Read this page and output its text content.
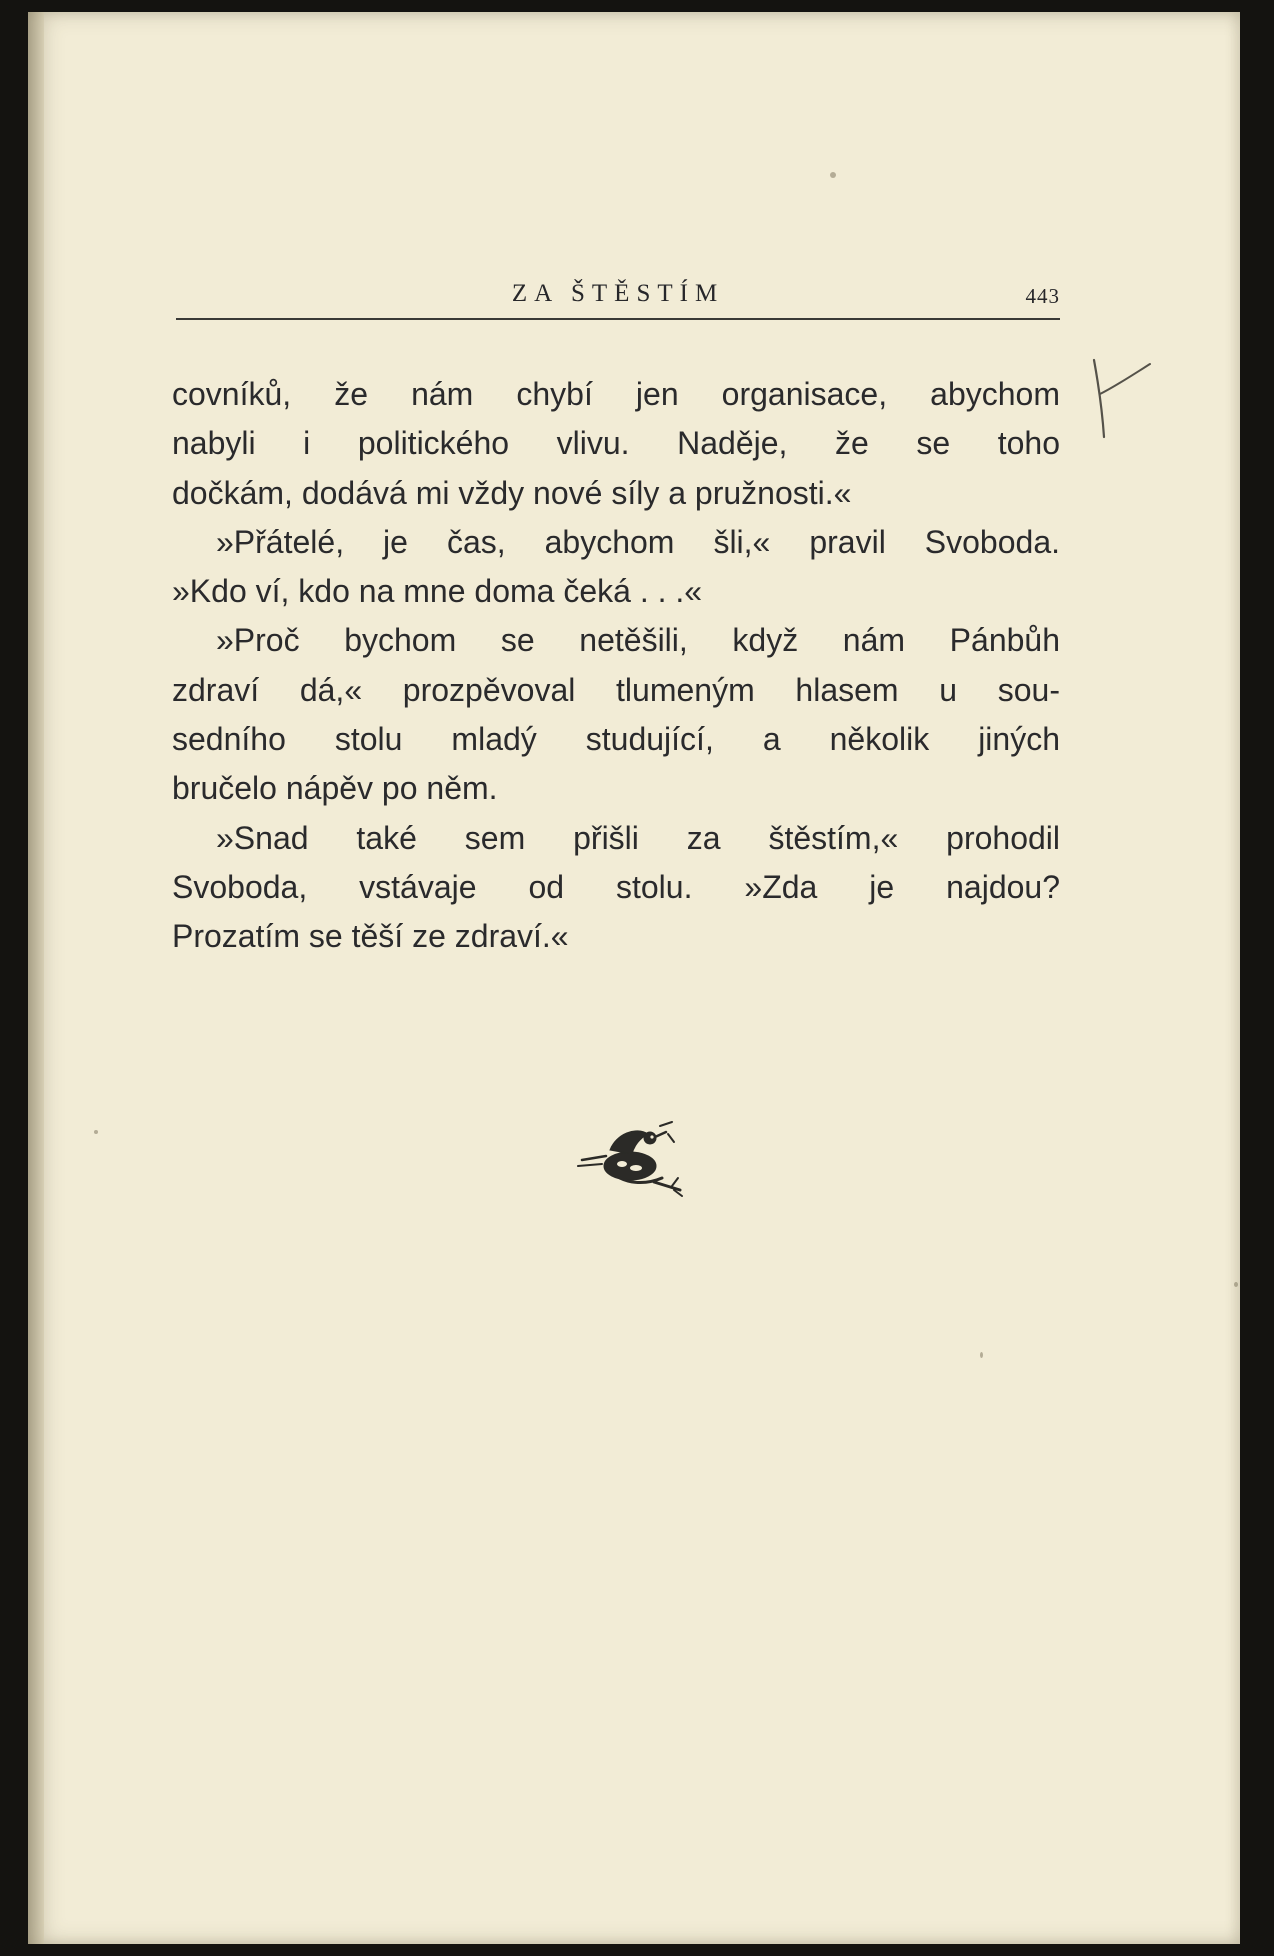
ZA ŠTĚSTÍM	443
covníků, že nám chybí jen organisace, abychom
nabyli i politického vlivu. Naděje, že se toho
dočkám, dodává mi vždy nové síly a pružnosti.«
»Přátelé, je čas, abychom šli,« pravil Svoboda.
»Kdo ví, kdo na mne doma čeká . . .«
»Proč bychom se netěšili, když nám Pánbůh
zdraví dá,« prozpěvoval tlumeným hlasem u sou-
sedního stolu mladý studující, a několik jiných
bručelo nápěv po něm.
»Snad také sem přišli za štěstím,« prohodil
Svoboda, vstávaje od stolu. »Zda je najdou?
Prozatím se těší ze zdraví.«
